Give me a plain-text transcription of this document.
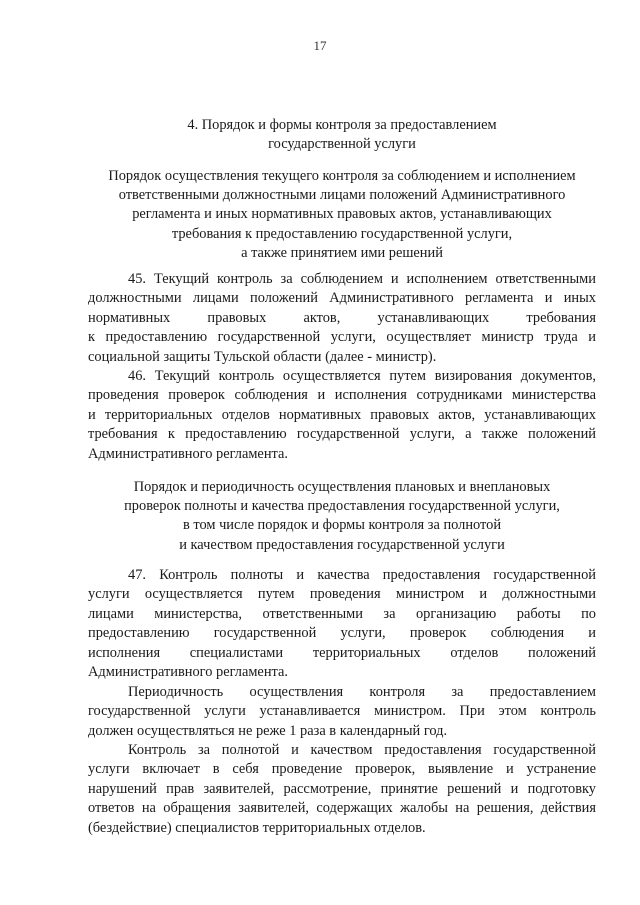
17
4. Порядок и формы контроля за предоставлением
государственной услуги
Порядок осуществления текущего контроля за соблюдением и исполнением
ответственными должностными лицами положений Административного
регламента и иных нормативных правовых актов, устанавливающих
требования к предоставлению государственной услуги,
а также принятием ими решений
45. Текущий контроль за соблюдением и исполнением ответственными
должностными лицами положений Административного регламента и иных
нормативных правовых актов, устанавливающих требования
к предоставлению государственной услуги, осуществляет министр труда и
социальной защиты Тульской области (далее - министр).
46. Текущий контроль осуществляется путем визирования документов,
проведения проверок соблюдения и исполнения сотрудниками министерства
и территориальных отделов нормативных правовых актов, устанавливающих
требования к предоставлению государственной услуги, а также положений
Административного регламента.
Порядок и периодичность осуществления плановых и внеплановых
проверок полноты и качества предоставления государственной услуги,
в том числе порядок и формы контроля за полнотой
и качеством предоставления государственной услуги
47. Контроль полноты и качества предоставления государственной
услуги осуществляется путем проведения министром и должностными
лицами министерства, ответственными за организацию работы по
предоставлению государственной услуги, проверок соблюдения и
исполнения специалистами территориальных отделов положений
Административного регламента.
Периодичность осуществления контроля за предоставлением
государственной услуги устанавливается министром. При этом контроль
должен осуществляться не реже 1 раза в календарный год.
Контроль за полнотой и качеством предоставления государственной
услуги включает в себя проведение проверок, выявление и устранение
нарушений прав заявителей, рассмотрение, принятие решений и подготовку
ответов на обращения заявителей, содержащих жалобы на решения, действия
(бездействие) специалистов территориальных отделов.
